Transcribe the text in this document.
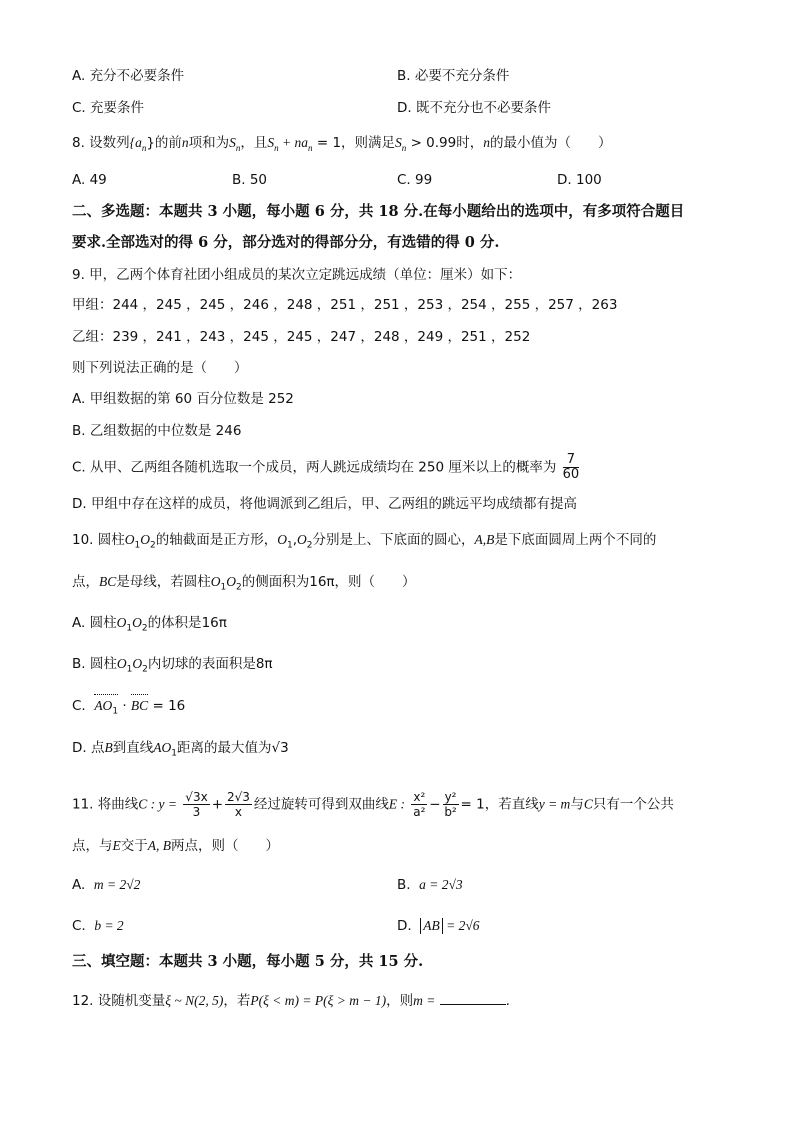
A. 充分不必要条件	B. 必要不充分条件
C. 充要条件	D. 既不充分也不必要条件
8. 设数列$\{a_n\}$的前n项和为$S_n$，且$S_n + na_n = 1$，则满足$S_n > 0.99$时，n的最小值为（　　）
A. 49	B. 50	C. 99	D. 100
二、多选题：本题共 3 小题，每小题 6 分，共 18 分.在每小题给出的选项中，有多项符合题目
要求.全部选对的得 6 分，部分选对的得部分分，有选错的得 0 分.
9. 甲，乙两个体育社团小组成员的某次立定跳远成绩（单位：厘米）如下：
甲组：244 ，245 ，245 ，246 ，248 ，251 ，251 ，253 ，254 ，255 ，257 ，263
乙组：239 ，241 ，243 ，245 ，245 ，247 ，248 ，249 ，251 ，252
则下列说法正确的是（　　）
A. 甲组数据的第 60 百分位数是 252
B. 乙组数据的中位数是 246
C. 从甲、乙两组各随机选取一个成员，两人跳远成绩均在 250 厘米以上的概率为 $\frac{7}{60}$
D. 甲组中存在这样的成员，将他调派到乙组后，甲、乙两组的跳远平均成绩都有提高
10. 圆柱$O_1O_2$的轴截面是正方形，$O_1,O_2$分别是上、下底面的圆心，A,B是下底面圆周上两个不同的
点，BC是母线，若圆柱$O_1O_2$的侧面积为16π，则（　　）
A. 圆柱$O_1O_2$的体积是16π
B. 圆柱$O_1O_2$内切球的表面积是8π
C. $AO_1$ · BC = 16
D. 点B到直线$AO_1$距离的最大值为√3
11. 将曲线C : $y = \frac{√3x}{3} + \frac{2√3}{x}$ 经过旋转可得到双曲线E : $\frac{\text{x²}}{\text{a²}} - \frac{\text{y²}}{\text{b²}} = 1$，若直线y = m与C只有一个公共
点，与E交于A, B两点，则（　　）
A. m = 2√2	B. a = 2√3
C. b = 2	D. AB = 2√6
三、填空题：本题共 3 小题，每小题 5 分，共 15 分.
12. 设随机变量ξ ~ N(2, 5)，若P(ξ < m) = P(ξ > m − 1)，则m =	.
